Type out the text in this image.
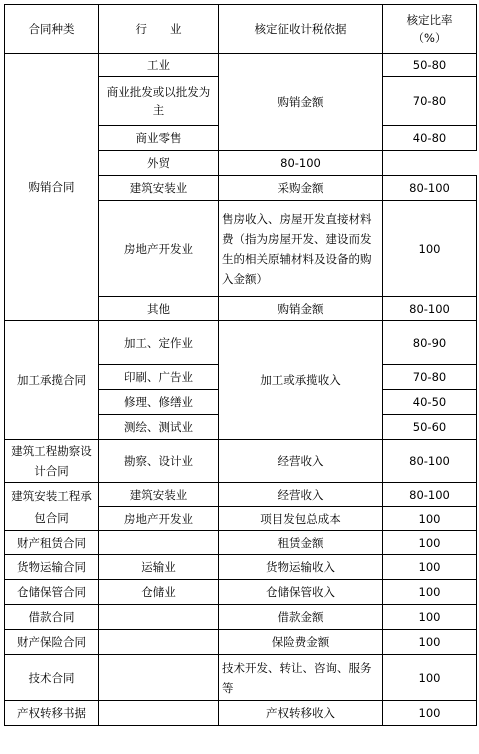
合同种类	行　　业	核定征收计税依据	核定比率
（%）
购销合同	工业	购销金额	50-80
	商业批发或以批发为主		70-80
	商业零售		40-80
	外贸	80-100	
	建筑安装业	采购金额	80-100
	房地产开发业	售房收入、房屋开发直接材料费（指为房屋开发、建设而发生的相关原辅材料及设备的购入金额）	100
	其他	购销金额	80-100
加工承揽合同	加工、定作业	加工或承揽收入	80-90
	印刷、广告业		70-80
	修理、修缮业		40-50
	测绘、测试业		50-60
建筑工程勘察设计合同	勘察、设计业	经营收入	80-100
建筑安装工程承包合同	建筑安装业	经营收入	80-100
	房地产开发业	项目发包总成本	100
财产租赁合同		租赁金额	100
货物运输合同	运输业	货物运输收入	100
仓储保管合同	仓储业	仓储保管收入	100
借款合同		借款金额	100
财产保险合同		保险费金额	100
技术合同		技术开发、转让、咨询、服务等	100
产权转移书据		产权转移收入	100
